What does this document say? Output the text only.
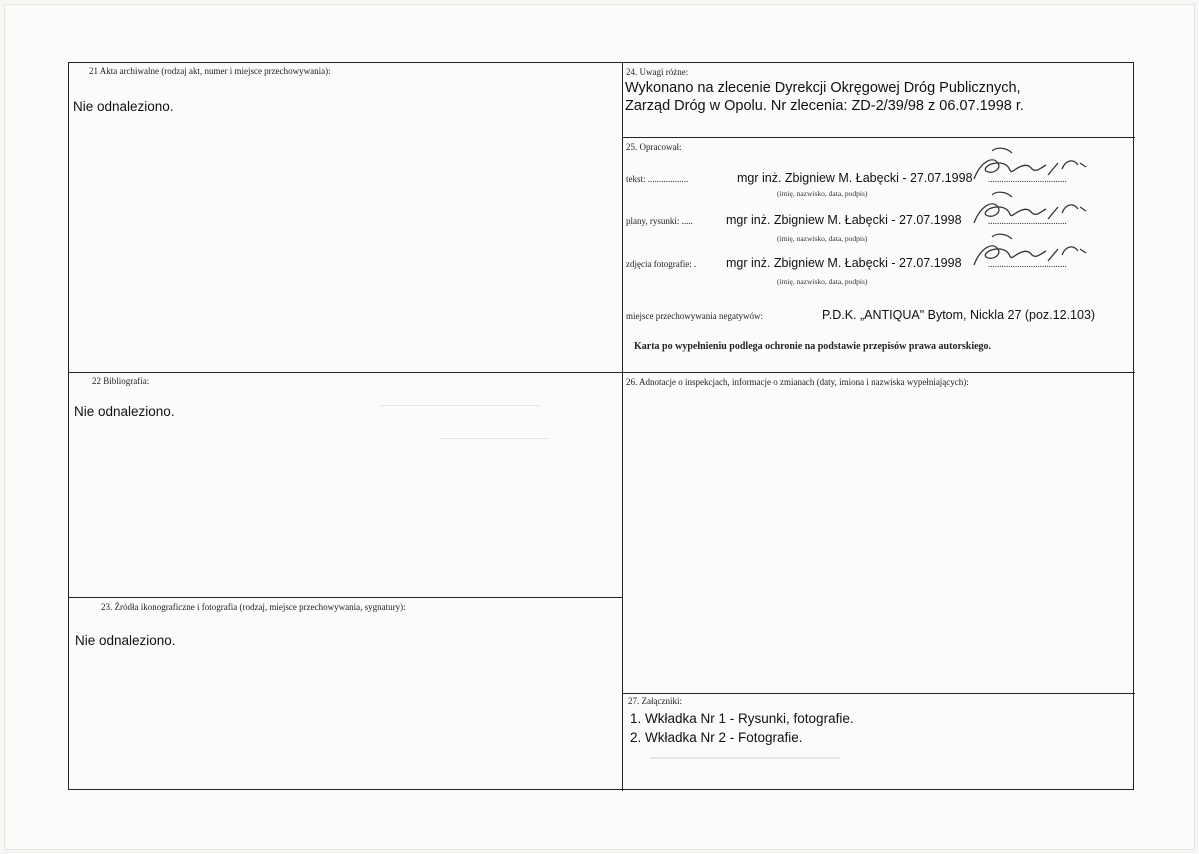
21 Akta archiwalne (rodzaj akt, numer i miejsce przechowywania):
Nie odnaleziono.
22 Bibliografia:
Nie odnaleziono.
23. Źródła ikonograficzne i fotografia (rodzaj, miejsce przechowywania, sygnatury):
Nie odnaleziono.
24. Uwagi różne:
Wykonano na zlecenie Dyrekcji Okręgowej Dróg Publicznych,
Zarząd Dróg w Opolu. Nr zlecenia: ZD-2/39/98 z 06.07.1998 r.
25. Opracował:
tekst: ..................	mgr inż. Zbigniew M. Łabęcki - 27.07.1998 ...................................
(imię, nazwisko, data, podpis)
plany, rysunki: .....	mgr inż. Zbigniew M. Łabęcki - 27.07.1998	...................................
(imię, nazwisko, data, podpis)
zdjęcia fotografie: . mgr inż. Zbigniew M. Łabęcki - 27.07.1998	...................................
(imię, nazwisko, data, podpis)
miejsce przechowywania negatywów:	P.D.K. „ANTIQUA" Bytom, Nickla 27 (poz.12.103)
Karta po wypełnieniu podlega ochronie na podstawie przepisów prawa autorskiego.
26. Adnotacje o inspekcjach, informacje o zmianach (daty, imiona i nazwiska wypełniających):
27. Załączniki:
1. Wkładka Nr 1 - Rysunki, fotografie.
2. Wkładka Nr 2 - Fotografie.
